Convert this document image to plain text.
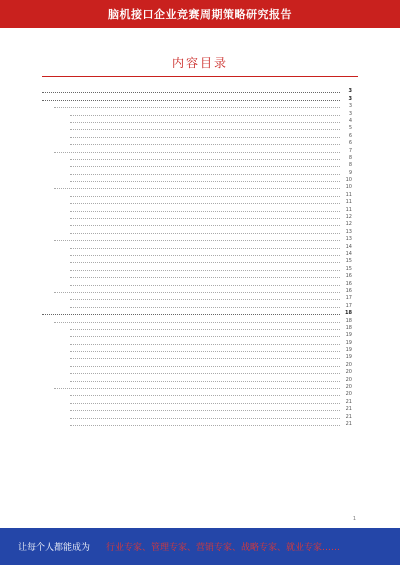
脑机接口企业竞赛周期策略研究报告
内容目录
3
3
3
3
4
5
6
6
7
8
8
9
10
10
11
11
11
12
12
13
13
14
14
15
15
16
16
16
17
17
18
18
18
19
19
19
19
20
20
20
20
20
21
21
21
21
1
让每个人都能成为 行业专家、管理专家、营销专家、战略专家、就业专家……
